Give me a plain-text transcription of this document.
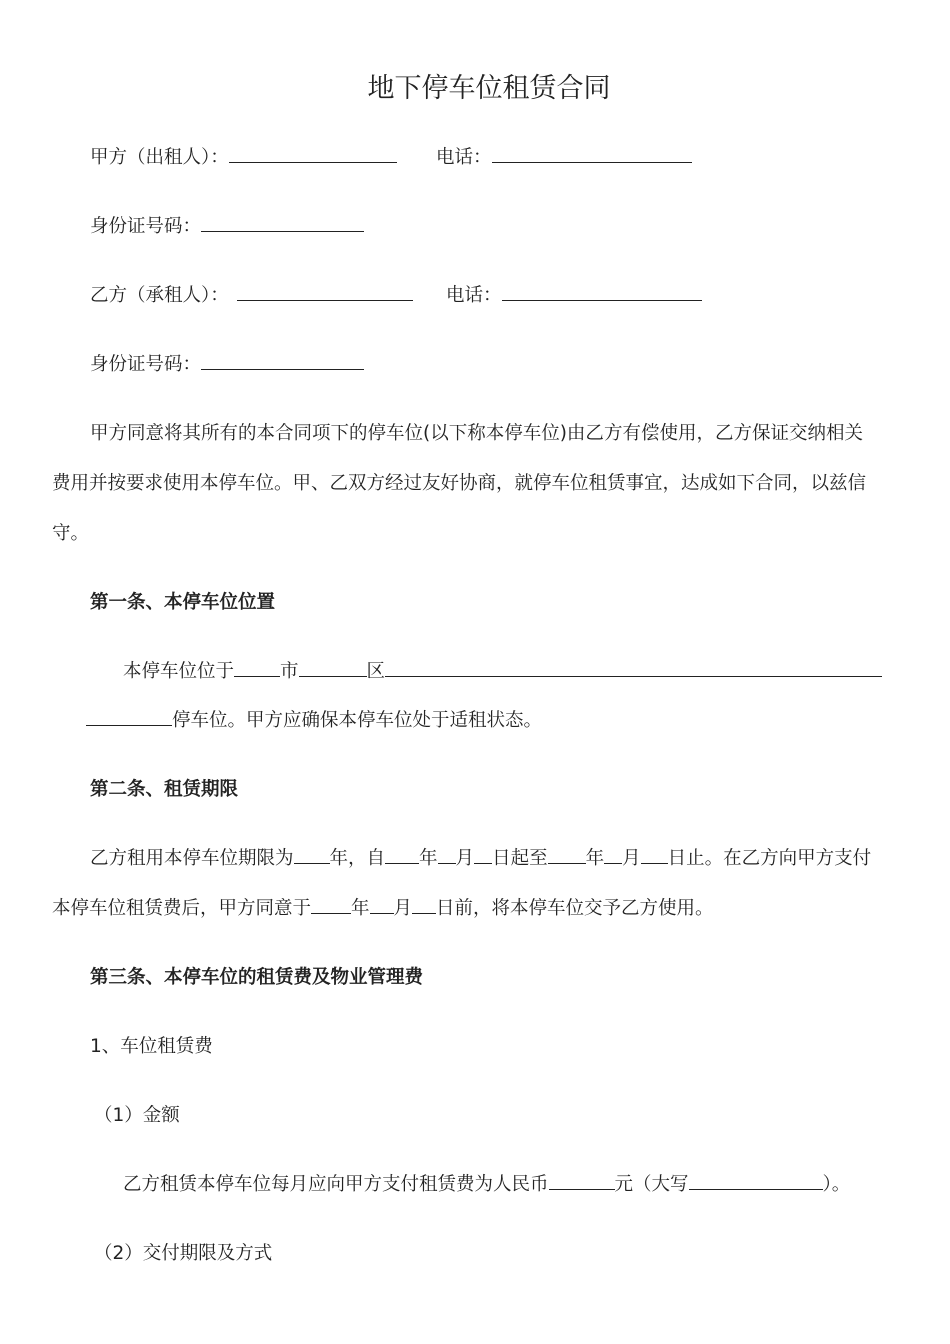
地下停车位租赁合同
甲方（出租人）：	电话：
身份证号码：
乙方（承租人）：	电话：
身份证号码：
甲方同意将其所有的本合同项下的停车位(以下称本停车位)由乙方有偿使用，乙方保证交纳相关
费用并按要求使用本停车位。甲、乙双方经过友好协商，就停车位租赁事宜，达成如下合同，以兹信
守。
第一条、本停车位位置
本停车位位于 市	区
停车位。甲方应确保本停车位处于适租状态。
第二条、租赁期限
乙方租用本停车位期限为 年，自 年 月 日起至 年 月 日止。在乙方向甲方支付
本停车位租赁费后，甲方同意于 年 月 日前，将本停车位交予乙方使用。
第三条、本停车位的租赁费及物业管理费
1、车位租赁费
（1）金额
乙方租赁本停车位每月应向甲方支付租赁费为人民币	元（大写	）。
（2）交付期限及方式
